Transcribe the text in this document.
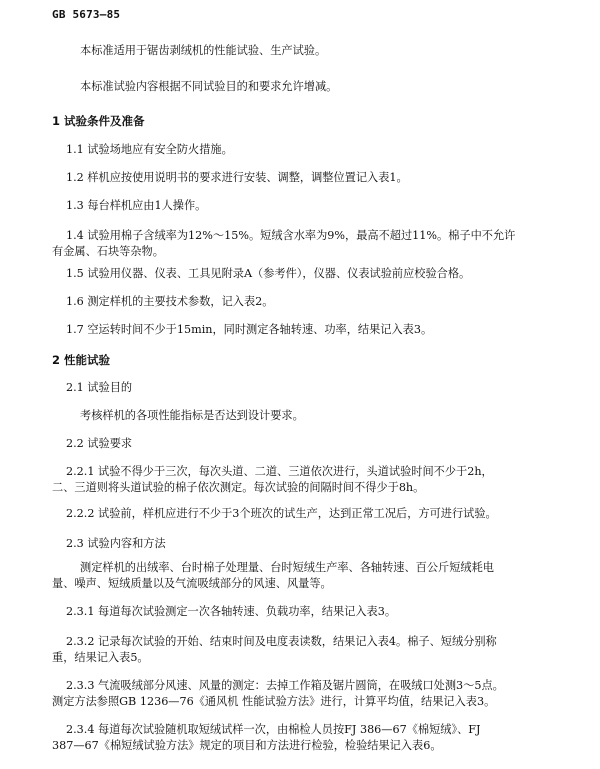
GB 5673—85
本标准适用于锯齿剥绒机的性能试验、生产试验。
本标准试验内容根据不同试验目的和要求允许增减。
1 试验条件及准备
1.1 试验场地应有安全防火措施。
1.2 样机应按使用说明书的要求进行安装、调整，调整位置记入表1。
1.3 每台样机应由1人操作。
1.4 试验用棉子含绒率为12%～15%。短绒含水率为9%，最高不超过11%。棉子中不允许
有金属、石块等杂物。
1.5 试验用仪器、仪表、工具见附录A（参考件），仪器、仪表试验前应校验合格。
1.6 测定样机的主要技术参数，记入表2。
1.7 空运转时间不少于15min，同时测定各轴转速、功率，结果记入表3。
2 性能试验
2.1 试验目的
考核样机的各项性能指标是否达到设计要求。
2.2 试验要求
2.2.1 试验不得少于三次，每次头道、二道、三道依次进行，头道试验时间不少于2h，
二、三道则将头道试验的棉子依次测定。每次试验的间隔时间不得少于8h。
2.2.2 试验前，样机应进行不少于3个班次的试生产，达到正常工况后，方可进行试验。
2.3 试验内容和方法
测定样机的出绒率、台时棉子处理量、台时短绒生产率、各轴转速、百公斤短绒耗电
量、噪声、短绒质量以及气流吸绒部分的风速、风量等。
2.3.1 每道每次试验测定一次各轴转速、负载功率，结果记入表3。
2.3.2 记录每次试验的开始、结束时间及电度表读数，结果记入表4。棉子、短绒分别称
重，结果记入表5。
2.3.3 气流吸绒部分风速、风量的测定：去掉工作箱及锯片圆筒，在吸绒口处测3～5点。
测定方法参照GB 1236—76《通风机 性能试验方法》进行，计算平均值，结果记入表3。
2.3.4 每道每次试验随机取短绒试样一次，由棉检人员按FJ 386—67《棉短绒》、FJ
387—67《棉短绒试验方法》规定的项目和方法进行检验，检验结果记入表6。
